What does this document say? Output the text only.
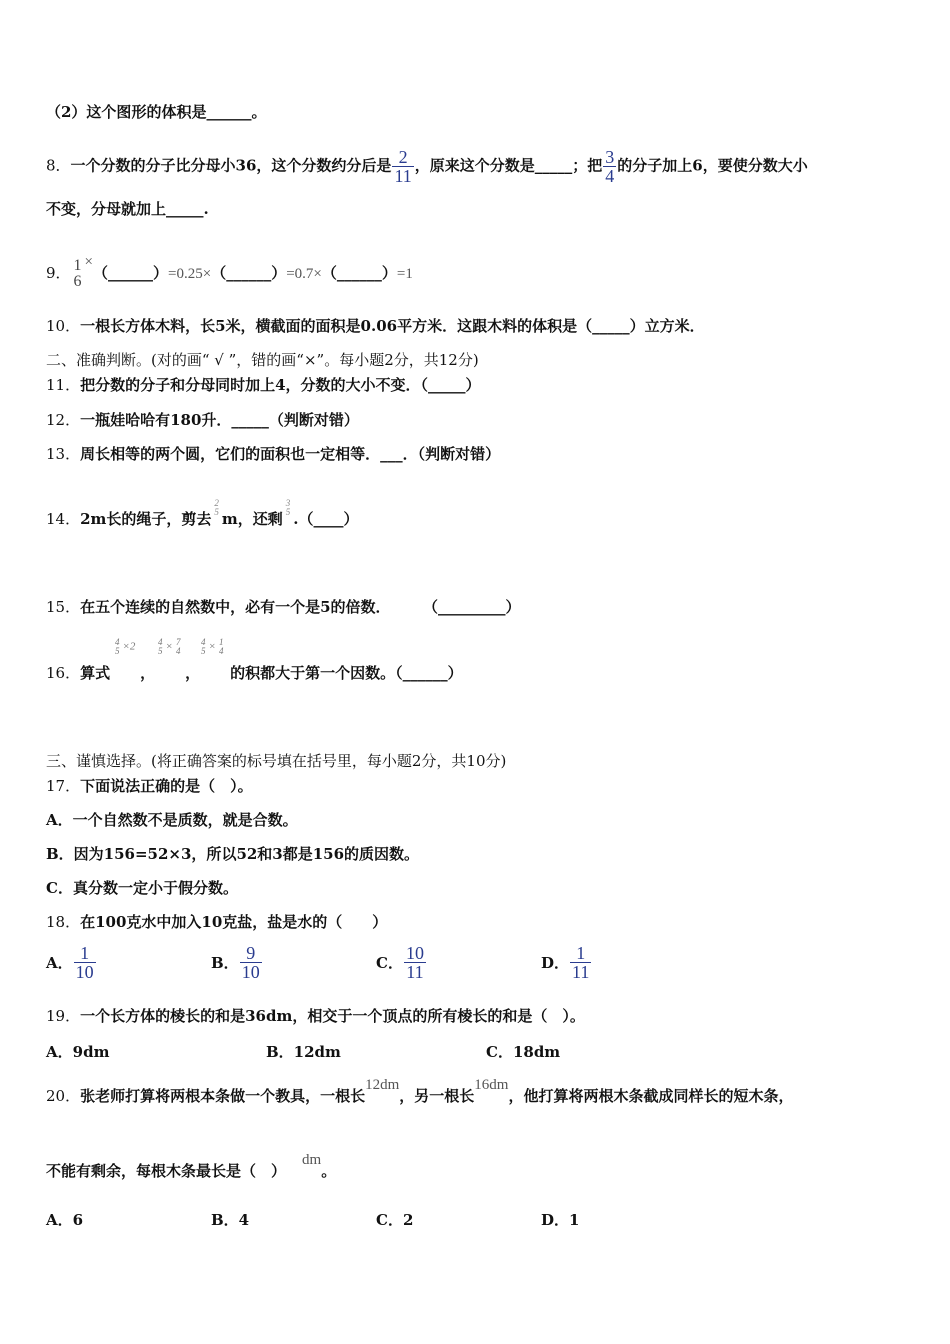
（2）这个图形的体积是______。
8．一个分数的分子比分母小36，这个分数约分后是 $\frac{2}{11}$ ，原来这个分数是_____；把 $\frac{3}{4}$ 的分子加上6，要使分数大小
不变，分母就加上_____.
9． 1
6
×（______）=0.25×（______）=0.7×（______）=1
10．一根长方体木料，长5米，横截面的面积是0.06平方米．这跟木料的体积是（_____）立方米．
二、准确判断。(对的画“ √ ”，错的画“×”。每小题2分，共12分)
11．把分数的分子和分母同时加上4，分数的大小不变．（_____）
12．一瓶娃哈哈有180升．_____（判断对错）
13．周长相等的两个圆，它们的面积也一定相等．___．（判断对错）
14．2m长的绳子，剪去
2
5 m，还剩
3
5 .（____）
15．在五个连续的自然数中，必有一个是5的倍数．	（_________）
16．算式 ， ， 的积都大于第一个因数。（______）
4
5 ×2	4
5 × 7
4
4
5 × 1
4
三、谨慎选择。(将正确答案的标号填在括号里，每小题2分，共10分)
17．下面说法正确的是（　）。
A．一个自然数不是质数，就是合数。
B．因为156=52×3，所以52和3都是156的质因数。
C．真分数一定小于假分数。
18．在100克水中加入10克盐，盐是水的（　　）
A． $\frac{1}{10}$	B． $\frac{9}{10}$	C． $\frac{10}{11}$	D． $\frac{1}{11}$
19．一个长方体的棱长的和是36dm，相交于一个顶点的所有棱长的和是（　）。
A．9dm	B．12dm	C．18dm
20．张老师打算将两根本条做一个教具，一根长12dm，另一根长16dm，他打算将两根木条截成同样长的短木条，
不能有剩余，每根木条最长是（　）dm。
A．6	B．4	C．2	D．1
